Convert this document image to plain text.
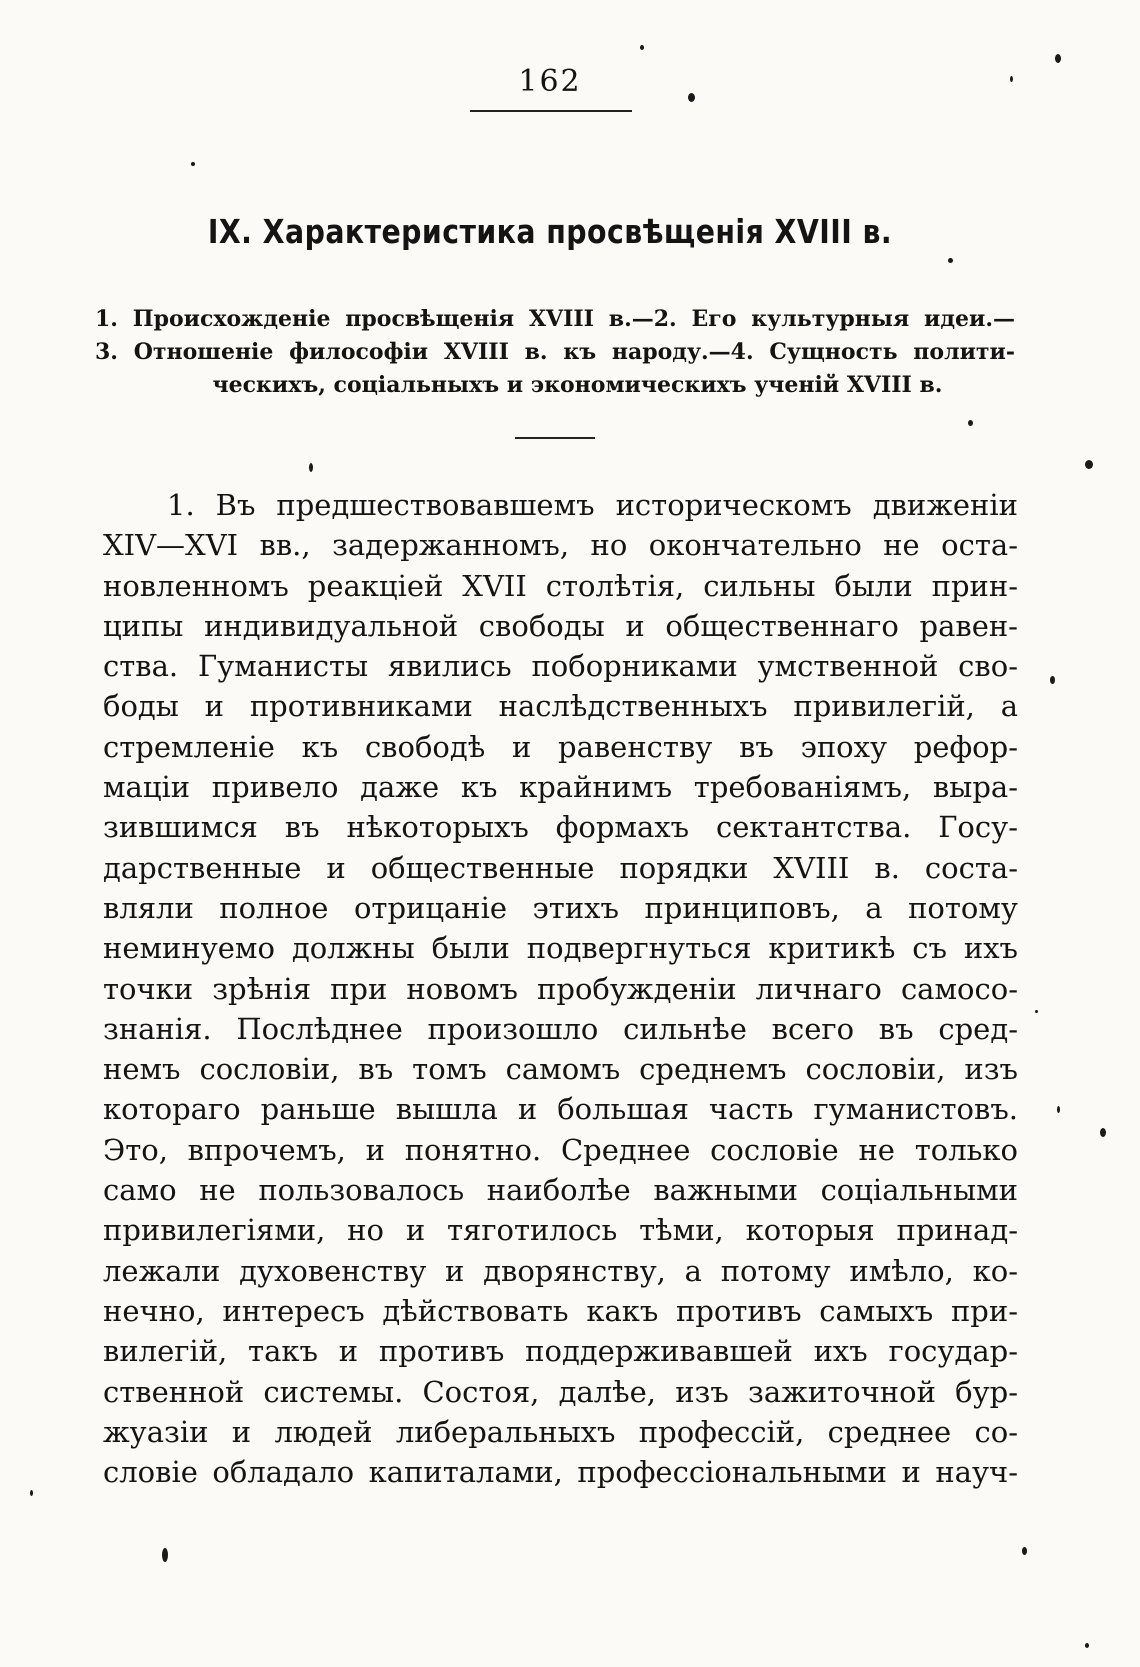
162
IX. Характеристика просвѣщенія XVIII в.
1. Происхожденіе просвѣщенія XVIII в.—2. Его культурныя идеи.—
3. Отношеніе философіи XVIII в. къ народу.—4. Сущность полити-
ческихъ, соціальныхъ и экономическихъ ученій XVIII в.
1. Въ предшествовавшемъ историческомъ движеніи
XIV—XVI вв., задержанномъ, но окончательно не оста-
новленномъ реакціей XVII столѣтія, сильны были прин-
ципы индивидуальной свободы и общественнаго равен-
ства. Гуманисты явились поборниками умственной сво-
боды и противниками наслѣдственныхъ привилегій, а
стремленіе къ свободѣ и равенству въ эпоху рефор-
маціи привело даже къ крайнимъ требованіямъ, выра-
зившимся въ нѣкоторыхъ формахъ сектантства. Госу-
дарственные и общественные порядки XVIII в. соста-
вляли полное отрицаніе этихъ принциповъ, а потому
неминуемо должны были подвергнуться критикѣ съ ихъ
точки зрѣнія при новомъ пробужденіи личнаго самосо-
знанія. Послѣднее произошло сильнѣе всего въ сред-
немъ сословіи, въ томъ самомъ среднемъ сословіи, изъ
котораго раньше вышла и большая часть гуманистовъ.
Это, впрочемъ, и понятно. Среднее сословіе не только
само не пользовалось наиболѣе важными соціальными
привилегіями, но и тяготилось тѣми, которыя принад-
лежали духовенству и дворянству, а потому имѣло, ко-
нечно, интересъ дѣйствовать какъ противъ самыхъ при-
вилегій, такъ и противъ поддерживавшей ихъ государ-
ственной системы. Состоя, далѣе, изъ зажиточной бур-
жуазіи и людей либеральныхъ профессій, среднее со-
словіе обладало капиталами, профессіональными и науч-
